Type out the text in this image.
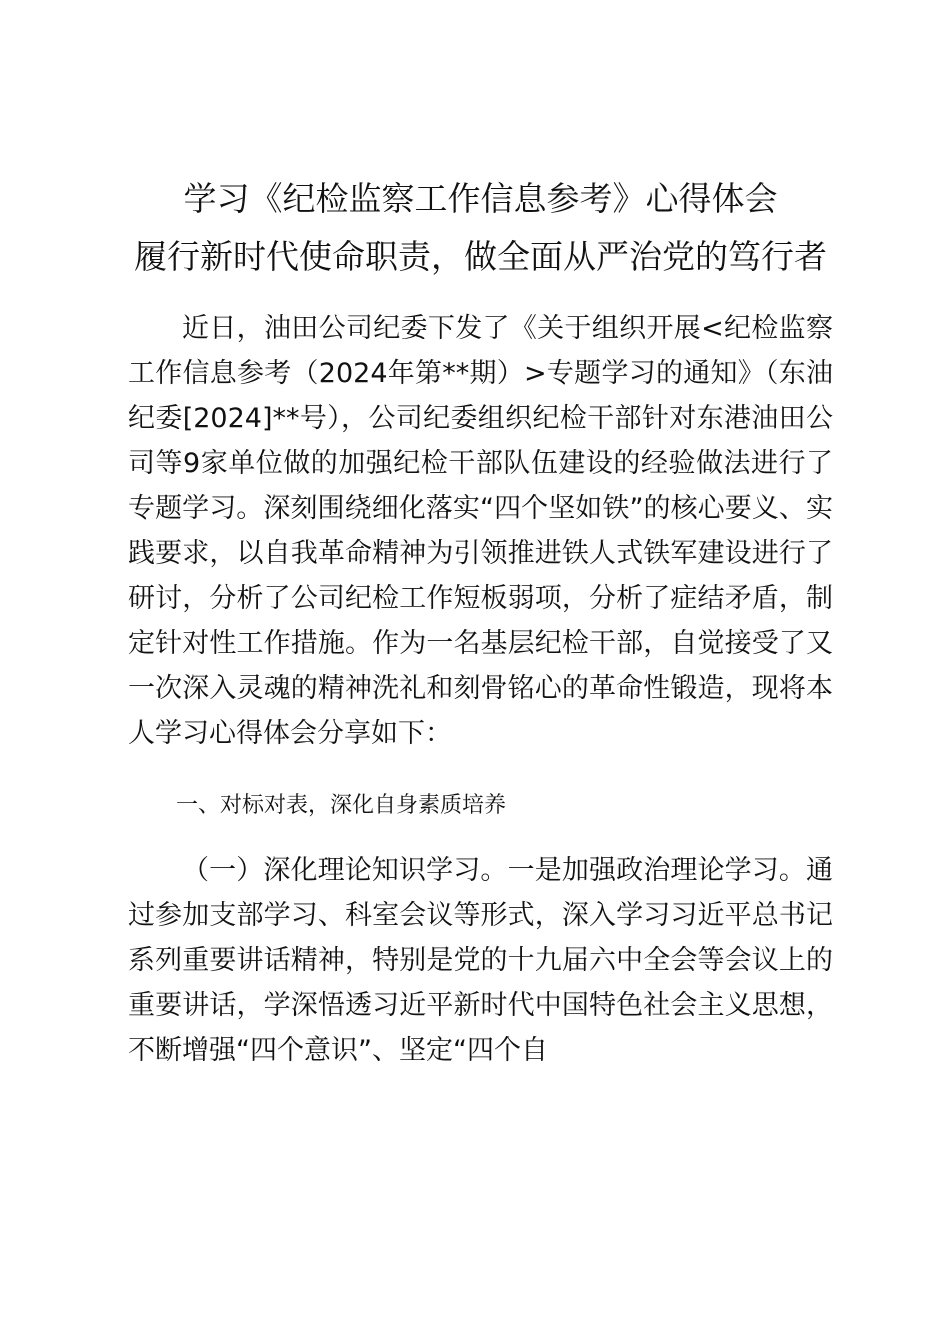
学习《纪检监察工作信息参考》心得体会
履行新时代使命职责，做全面从严治党的笃行者

近日，油田公司纪委下发了《关于组织开展<纪检监察工作信息参考（2024年第**期）>专题学习的通知》（东油纪委[2024]**号），公司纪委组织纪检干部针对东港油田公司等9家单位做的加强纪检干部队伍建设的经验做法进行了专题学习。深刻围绕细化落实“四个坚如铁”的核心要义、实践要求，以自我革命精神为引领推进铁人式铁军建设进行了研讨，分析了公司纪检工作短板弱项，分析了症结矛盾，制定针对性工作措施。作为一名基层纪检干部，自觉接受了又一次深入灵魂的精神洗礼和刻骨铭心的革命性锻造，现将本人学习心得体会分享如下：

一、对标对表，深化自身素质培养

（一）深化理论知识学习。一是加强政治理论学习。通过参加支部学习、科室会议等形式，深入学习习近平总书记系列重要讲话精神，特别是党的十九届六中全会等会议上的重要讲话，学深悟透习近平新时代中国特色社会主义思想，不断增强“四个意识”、坚定“四个自
